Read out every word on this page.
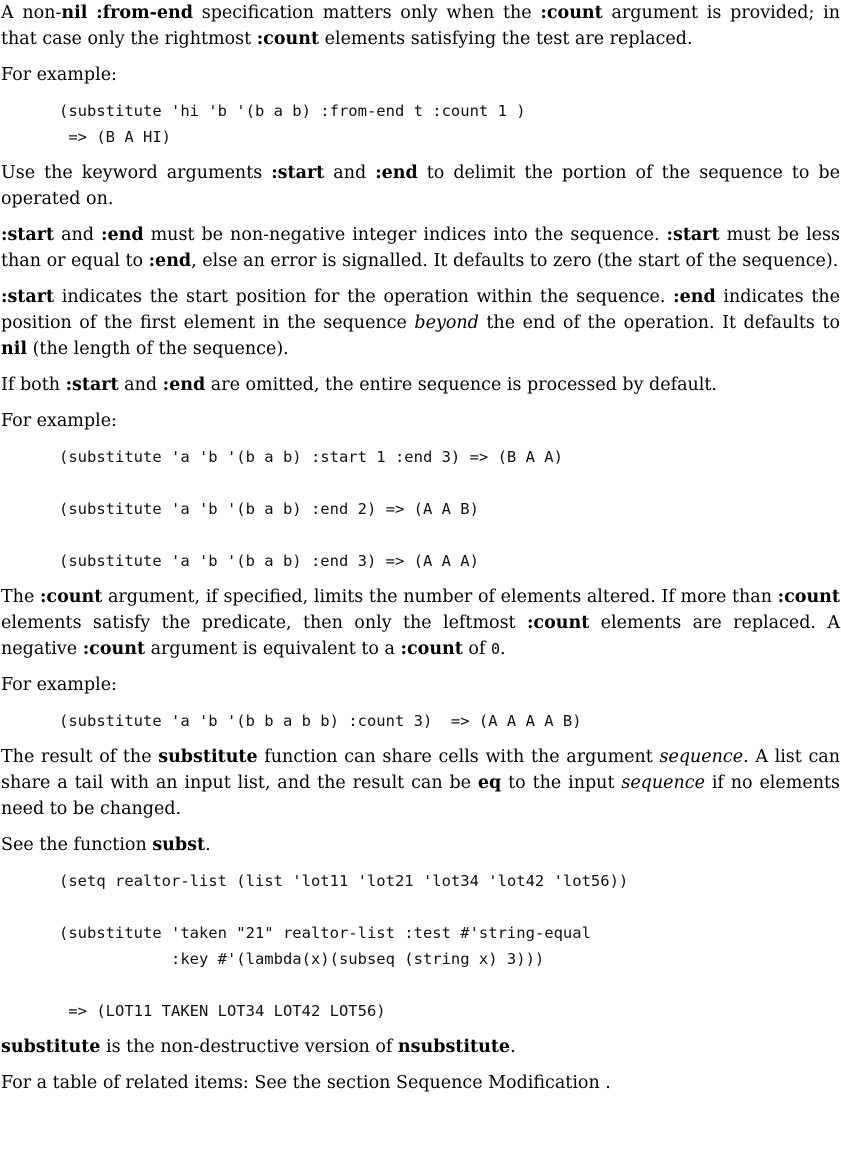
A non-nil :from-end specification matters only when the :count argument is provided; in that case only the rightmost :count elements satisfying the test are replaced.

For example:

(substitute 'hi 'b '(b a b) :from-end t :count 1 )
=> (B A HI)

Use the keyword arguments :start and :end to delimit the portion of the sequence to be operated on.

:start and :end must be non-negative integer indices into the sequence. :start must be less than or equal to :end, else an error is signalled. It defaults to zero (the start of the sequence).

:start indicates the start position for the operation within the sequence. :end indicates the position of the first element in the sequence beyond the end of the operation. It defaults to nil (the length of the sequence).

If both :start and :end are omitted, the entire sequence is processed by default.

For example:

(substitute 'a 'b '(b a b) :start 1 :end 3) => (B A A)

(substitute 'a 'b '(b a b) :end 2) => (A A B)

(substitute 'a 'b '(b a b) :end 3) => (A A A)

The :count argument, if specified, limits the number of elements altered. If more than :count elements satisfy the predicate, then only the leftmost :count elements are replaced. A negative :count argument is equivalent to a :count of 0.

For example:

(substitute 'a 'b '(b b a b b) :count 3)  => (A A A A B)

The result of the substitute function can share cells with the argument sequence. A list can share a tail with an input list, and the result can be eq to the input sequence if no elements need to be changed.

See the function subst.

(setq realtor-list (list 'lot11 'lot21 'lot34 'lot42 'lot56))

(substitute 'taken "21" realtor-list :test #'string-equal
:key #'(lambda(x)(subseq (string x) 3)))

=> (LOT11 TAKEN LOT34 LOT42 LOT56)

substitute is the non-destructive version of nsubstitute.

For a table of related items: See the section Sequence Modification .
